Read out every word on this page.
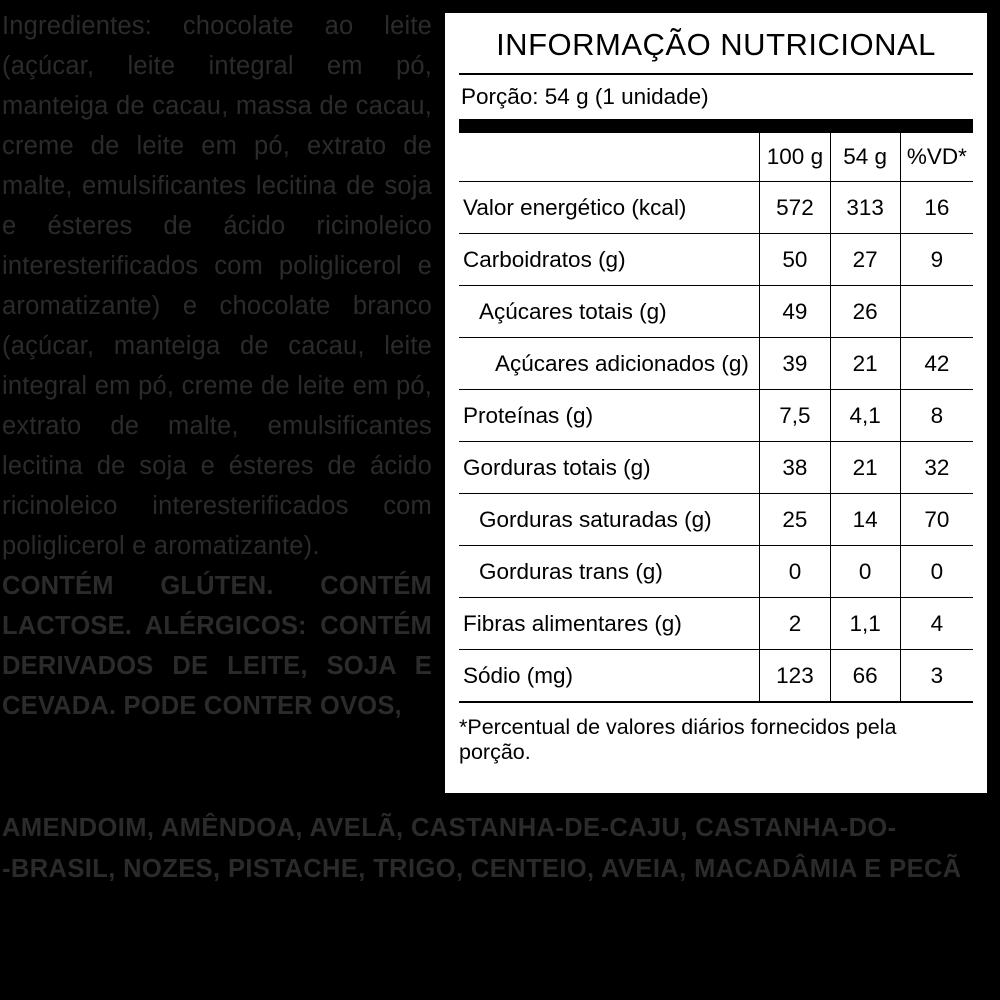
Ingredientes: chocolate ao leite (açúcar, leite integral em pó, manteiga de cacau, massa de cacau, creme de leite em pó, extrato de malte, emulsificantes lecitina de soja e ésteres de ácido ricinoleico interesterificados com poliglicerol e aromatizante) e chocolate branco (açúcar, manteiga de cacau, leite integral em pó, creme de leite em pó, extrato de malte, emulsificantes lecitina de soja e ésteres de ácido ricinoleico interesterificados com poliglicerol e aromatizante).

CONTÉM GLÚTEN. CONTÉM LACTOSE. ALÉRGICOS: CONTÉM DERIVADOS DE LEITE, SOJA E CEVADA. PODE CONTER OVOS,

AMENDOIM, AMÊNDOA, AVELÃ, CASTANHA-DE-CAJU, CASTANHA-DO-

-BRASIL, NOZES, PISTACHE, TRIGO, CENTEIO, AVEIA, MACADÂMIA E PECÃ

INFORMAÇÃO NUTRICIONAL
Porção: 54 g (1 unidade)
	100 g	54 g	%VD*
Valor energético (kcal)	572	313	16
Carboidratos (g)	50	27	9
Açúcares totais (g)	49	26	
Açúcares adicionados (g)	39	21	42
Proteínas (g)	7,5	4,1	8
Gorduras totais (g)	38	21	32
Gorduras saturadas (g)	25	14	70
Gorduras trans (g)	0	0	0
Fibras alimentares (g)	2	1,1	4
Sódio (mg)	123	66	3
*Percentual de valores diários fornecidos pela porção.
